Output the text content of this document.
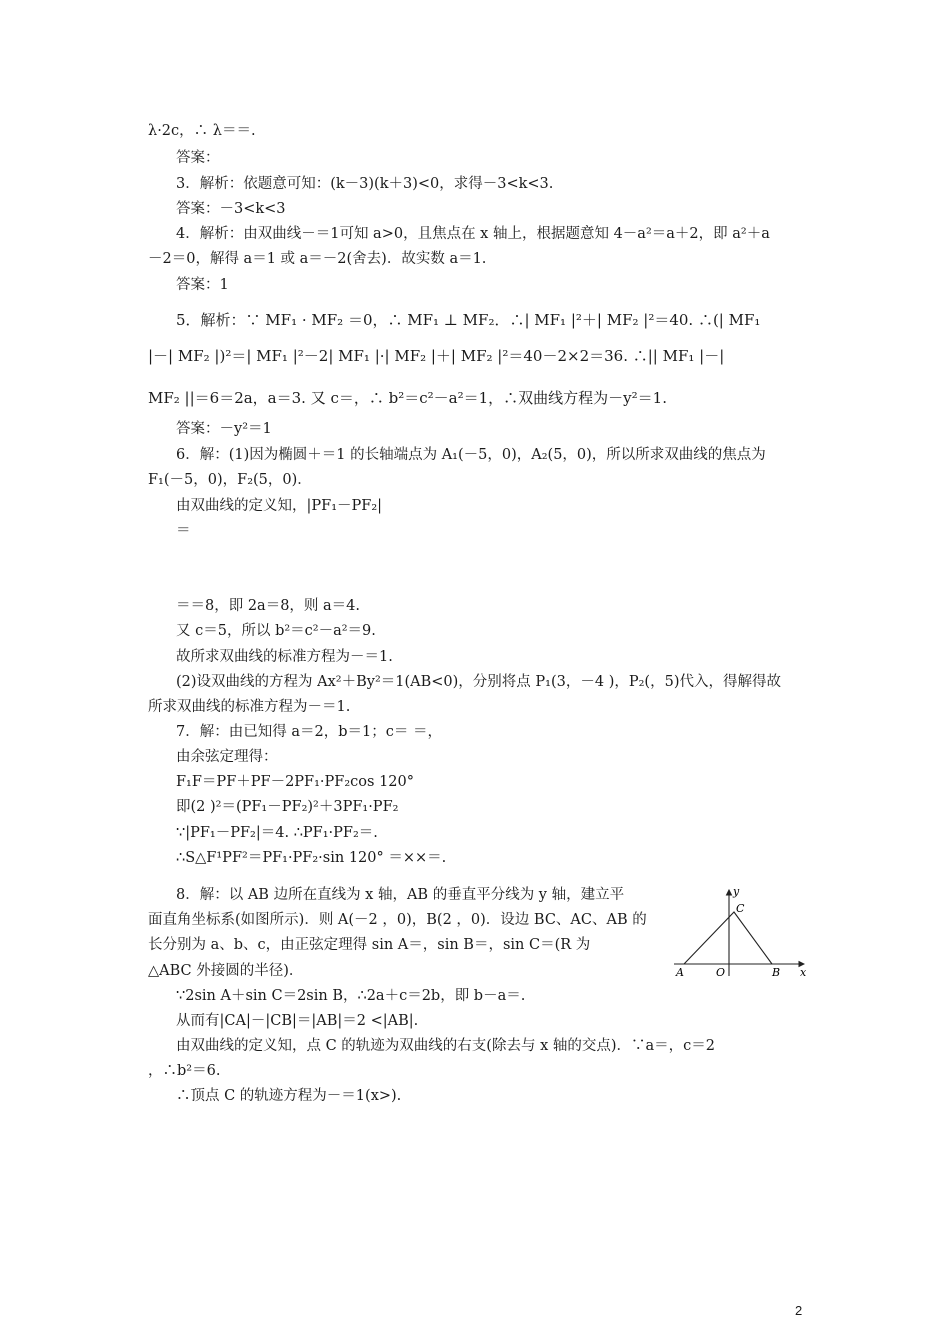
λ·2c，∴ λ＝＝.
答案：
3．解析：依题意可知：(k－3)(k＋3)<0，求得－3<k<3.
答案：－3<k<3
4．解析：由双曲线－＝1可知 a>0，且焦点在 x 轴上，根据题意知 4－a²＝a＋2，即 a²＋a
－2＝0，解得 a＝1 或 a＝－2(舍去)．故实数 a＝1.
答案：1
5．解析：∵ MF₁ · MF₂ ＝0，∴ MF₁ ⊥ MF₂．∴| MF₁ |²＋| MF₂ |²＝40. ∴(| MF₁
|－| MF₂ |)²＝| MF₁ |²－2| MF₁ |·| MF₂ |＋| MF₂ |²＝40－2×2＝36. ∴|| MF₁ |－|
MF₂ ||＝6＝2a，a＝3. 又 c＝，∴ b²＝c²－a²＝1，∴双曲线方程为－y²＝1.
答案：－y²＝1
6．解：(1)因为椭圆＋＝1 的长轴端点为 A₁(－5，0)，A₂(5，0)，所以所求双曲线的焦点为
F₁(－5，0)，F₂(5，0)．
由双曲线的定义知，|PF₁－PF₂|
＝
＝＝8，即 2a＝8，则 a＝4.
又 c＝5，所以 b²＝c²－a²＝9.
故所求双曲线的标准方程为－＝1.
(2)设双曲线的方程为 Ax²＋By²＝1(AB<0)，分别将点 P₁(3，－4 )，P₂(，5)代入，得解得故
所求双曲线的标准方程为－＝1.
7．解：由已知得 a＝2，b＝1；c＝ ＝，
由余弦定理得：
F₁F＝PF＋PF－2PF₁·PF₂cos 120°
即(2 )²＝(PF₁－PF₂)²＋3PF₁·PF₂
∵|PF₁－PF₂|＝4. ∴PF₁·PF₂＝.
∴S△F¹PF²＝PF₁·PF₂·sin 120° ＝××＝.
8．解：以 AB 边所在直线为 x 轴，AB 的垂直平分线为 y 轴，建立平
面直角坐标系(如图所示)．则 A(－2 ，0)，B(2 ，0)．设边 BC、AC、AB 的
长分别为 a、b、c，由正弦定理得 sin A＝，sin B＝，sin C＝(R 为
△ABC 外接圆的半径)．
∵2sin A＋sin C＝2sin B，∴2a＋c＝2b，即 b－a＝.
从而有|CA|－|CB|＝|AB|＝2 <|AB|.
由双曲线的定义知，点 C 的轨迹为双曲线的右支(除去与 x 轴的交点)．∵a＝，c＝2
，∴b²＝6.
∴顶点 C 的轨迹方程为－＝1(x>).
y
x
C
A	O	B
2
